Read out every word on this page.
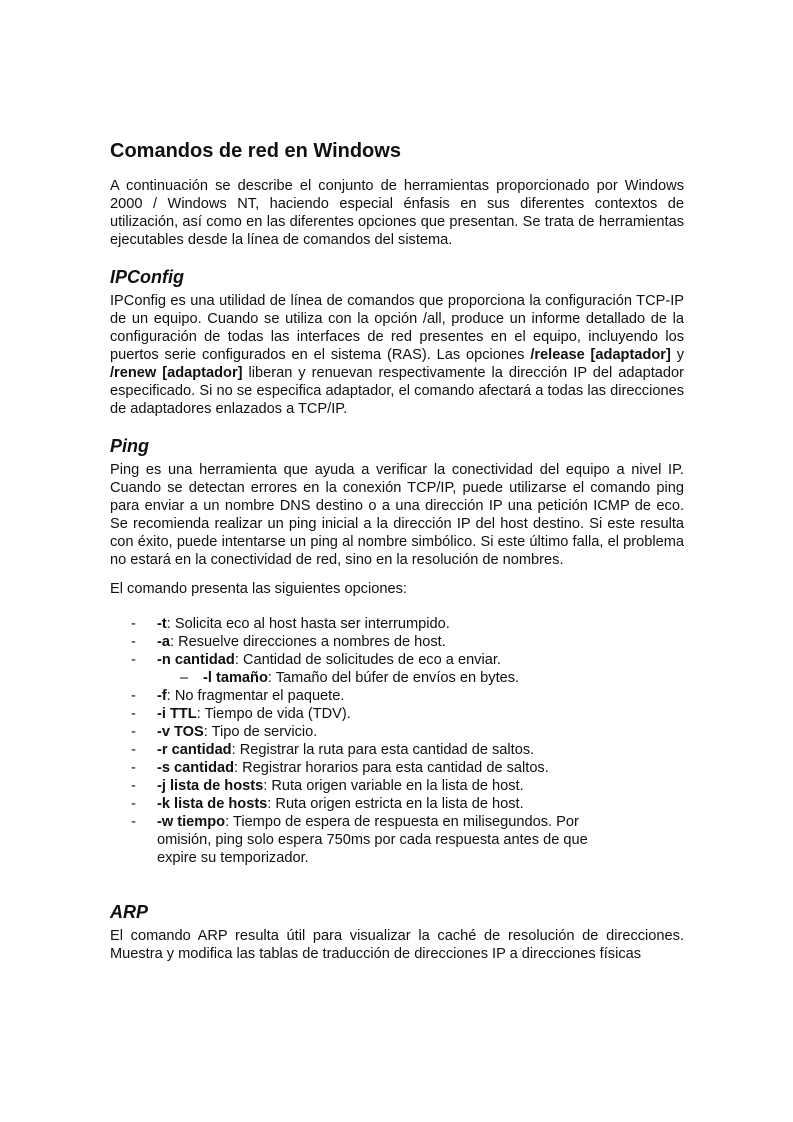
Comandos de red en Windows

A continuación se describe el conjunto de herramientas proporcionado por Windows 2000 / Windows NT, haciendo especial énfasis en sus diferentes contextos de utilización, así como en las diferentes opciones que presentan. Se trata de herramientas ejecutables desde la línea de comandos del sistema.

IPConfig

IPConfig es una utilidad de línea de comandos que proporciona la configuración TCP-IP de un equipo. Cuando se utiliza con la opción /all, produce un informe detallado de la configuración de todas las interfaces de red presentes en el equipo, incluyendo los puertos serie configurados en el sistema (RAS). Las opciones /release [adaptador] y /renew [adaptador] liberan y renuevan respectivamente la dirección IP del adaptador especificado. Si no se especifica adaptador, el comando afectará a todas las direcciones de adaptadores enlazados a TCP/IP.

Ping

Ping es una herramienta que ayuda a verificar la conectividad del equipo a nivel IP. Cuando se detectan errores en la conexión TCP/IP, puede utilizarse el comando ping para enviar a un nombre DNS destino o a una dirección IP una petición ICMP de eco. Se recomienda realizar un ping inicial a la dirección IP del host destino. Si este resulta con éxito, puede intentarse un ping al nombre simbólico. Si este último falla, el problema no estará en la conectividad de red, sino en la resolución de nombres.

El comando presenta las siguientes opciones:

- -t: Solicita eco al host hasta ser interrumpido.
- -a: Resuelve direcciones a nombres de host.
- -n cantidad: Cantidad de solicitudes de eco a enviar.
– -l tamaño: Tamaño del búfer de envíos en bytes.
- -f: No fragmentar el paquete.
- -i TTL: Tiempo de vida (TDV).
- -v TOS: Tipo de servicio.
- -r cantidad: Registrar la ruta para esta cantidad de saltos.
- -s cantidad: Registrar horarios para esta cantidad de saltos.
- -j lista de hosts: Ruta origen variable en la lista de host.
- -k lista de hosts: Ruta origen estricta en la lista de host.
- -w tiempo: Tiempo de espera de respuesta en milisegundos. Por omisión, ping solo espera 750ms por cada respuesta antes de que expire su temporizador.
ARP

El comando ARP resulta útil para visualizar la caché de resolución de direcciones. Muestra y modifica las tablas de traducción de direcciones IP a direcciones físicas
